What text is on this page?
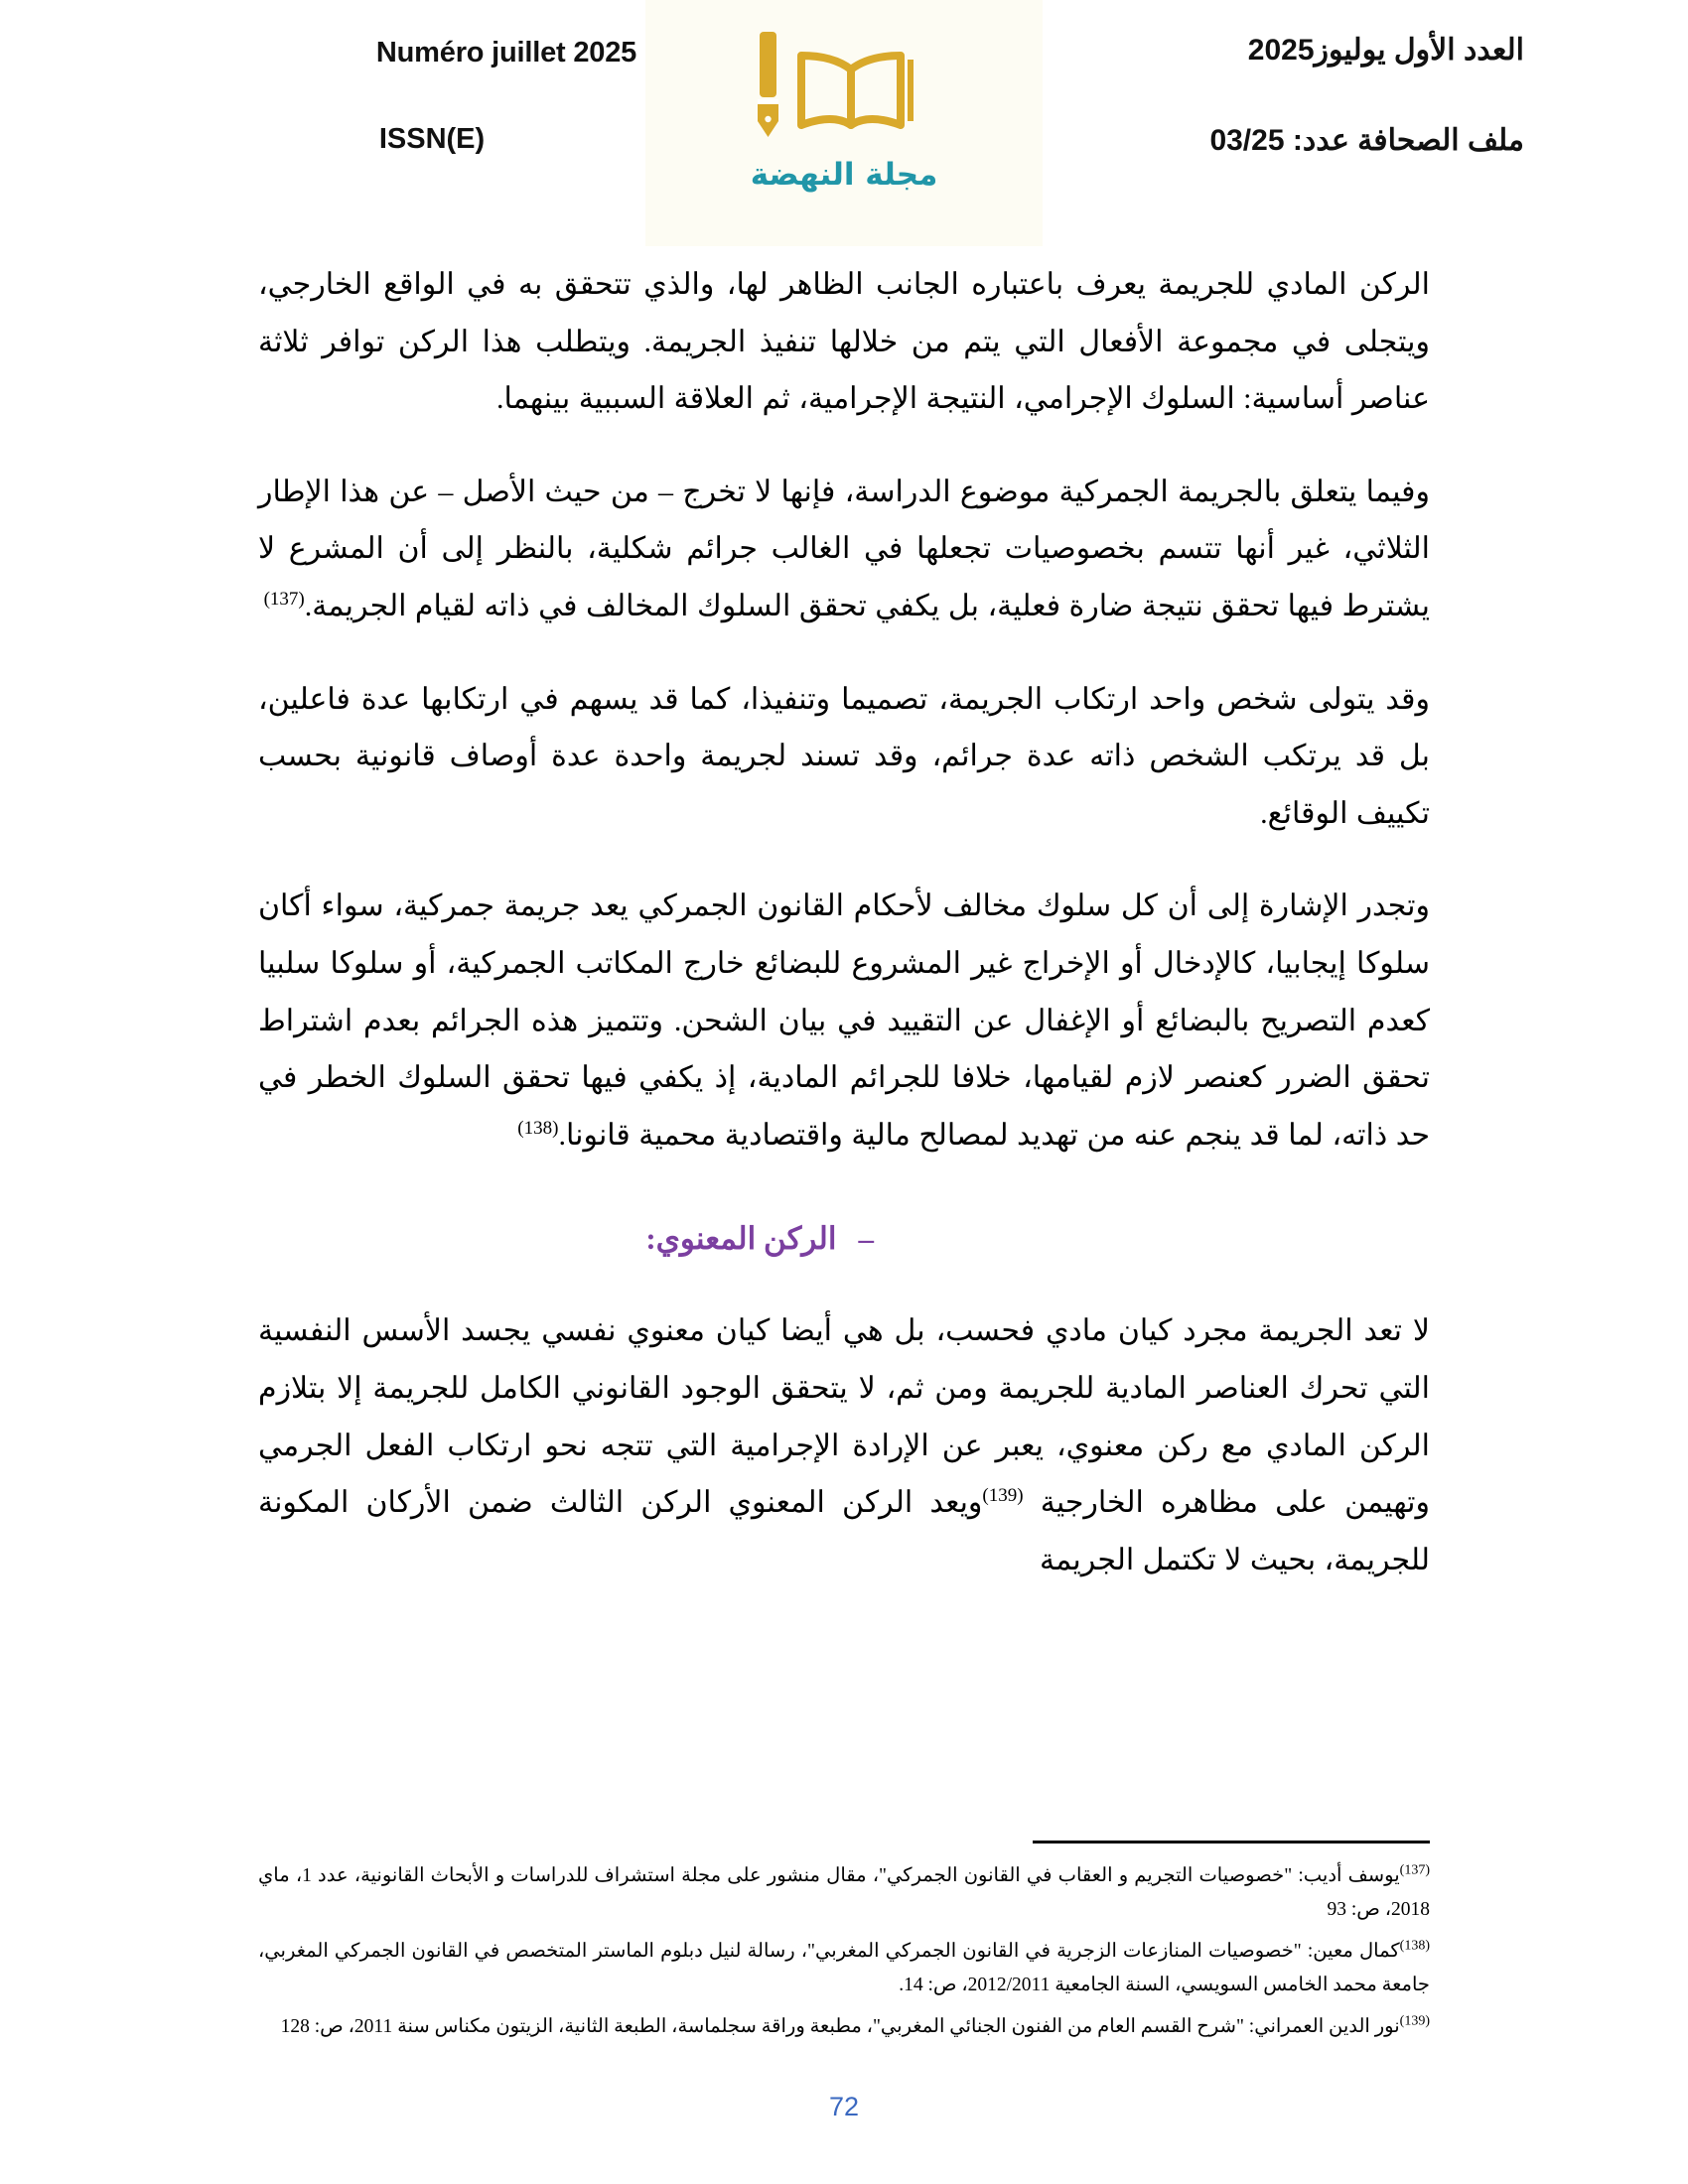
Numéro juillet 2025
ISSN(E)
مجلة النهضة
العدد الأول يوليوز2025
ملف الصحافة عدد: 03/25

الركن المادي للجريمة يعرف باعتباره الجانب الظاهر لها، والذي تتحقق به في الواقع الخارجي، ويتجلى في مجموعة الأفعال التي يتم من خلالها تنفيذ الجريمة. ويتطلب هذا الركن توافر ثلاثة عناصر أساسية: السلوك الإجرامي، النتيجة الإجرامية، ثم العلاقة السببية بينهما.

وفيما يتعلق بالجريمة الجمركية موضوع الدراسة، فإنها لا تخرج – من حيث الأصل – عن هذا الإطار الثلاثي، غير أنها تتسم بخصوصيات تجعلها في الغالب جرائم شكلية، بالنظر إلى أن المشرع لا يشترط فيها تحقق نتيجة ضارة فعلية، بل يكفي تحقق السلوك المخالف في ذاته لقيام الجريمة.$^{(137)}$

وقد يتولى شخص واحد ارتكاب الجريمة، تصميما وتنفيذا، كما قد يسهم في ارتكابها عدة فاعلين، بل قد يرتكب الشخص ذاته عدة جرائم، وقد تسند لجريمة واحدة عدة أوصاف قانونية بحسب تكييف الوقائع.

وتجدر الإشارة إلى أن كل سلوك مخالف لأحكام القانون الجمركي يعد جريمة جمركية، سواء أكان سلوكا إيجابيا، كالإدخال أو الإخراج غير المشروع للبضائع خارج المكاتب الجمركية، أو سلوكا سلبيا كعدم التصريح بالبضائع أو الإغفال عن التقييد في بيان الشحن. وتتميز هذه الجرائم بعدم اشتراط تحقق الضرر كعنصر لازم لقيامها، خلافا للجرائم المادية، إذ يكفي فيها تحقق السلوك الخطر في حد ذاته، لما قد ينجم عنه من تهديد لمصالح مالية واقتصادية محمية قانونا.$^{(138)}$

–
الركن المعنوي:

لا تعد الجريمة مجرد كيان مادي فحسب، بل هي أيضا كيان معنوي نفسي يجسد الأسس النفسية التي تحرك العناصر المادية للجريمة ومن ثم، لا يتحقق الوجود القانوني الكامل للجريمة إلا بتلازم الركن المادي مع ركن معنوي، يعبر عن الإرادة الإجرامية التي تتجه نحو ارتكاب الفعل الجرمي وتهيمن على مظاهره الخارجية $^{(139)}$ويعد الركن المعنوي الركن الثالث ضمن الأركان المكونة للجريمة، بحيث لا تكتمل الجريمة

$^{(137)}$يوسف أديب: "خصوصيات التجريم و العقاب في القانون الجمركي"، مقال منشور على مجلة استشراف للدراسات و الأبحاث القانونية، عدد 1، ماي 2018، ص: 93

$^{(138)}$كمال معين: "خصوصيات المنازعات الزجرية في القانون الجمركي المغربي"، رسالة لنيل دبلوم الماستر المتخصص في القانون الجمركي المغربي، جامعة محمد الخامس السويسي، السنة الجامعية 2012/2011، ص: 14.

$^{(139)}$نور الدين العمراني: "شرح القسم العام من الفنون الجنائي المغربي"، مطبعة وراقة سجلماسة، الطبعة الثانية، الزيتون مكناس سنة 2011، ص: 128

72
